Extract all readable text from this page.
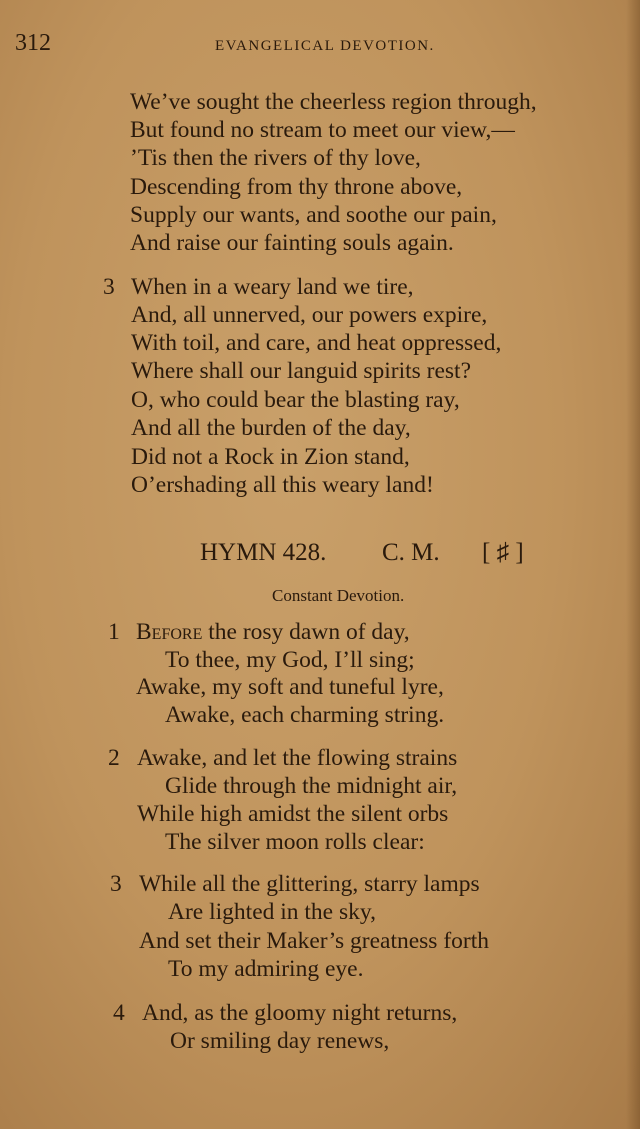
312	EVANGELICAL DEVOTION.
We’ve sought the cheerless region through,
But found no stream to meet our view,—
’Tis then the rivers of thy love,
Descending from thy throne above,
Supply our wants, and soothe our pain,
And raise our fainting souls again.
3 When in a weary land we tire,
And, all unnerved, our powers expire,
With toil, and care, and heat oppressed,
Where shall our languid spirits rest?
O, who could bear the blasting ray,
And all the burden of the day,
Did not a Rock in Zion stand,
O’ershading all this weary land!
HYMN 428. C. M. [ ♯ ]
Constant Devotion.
1 Before the rosy dawn of day,
To thee, my God, I’ll sing;
Awake, my soft and tuneful lyre,
Awake, each charming string.
2 Awake, and let the flowing strains
Glide through the midnight air,
While high amidst the silent orbs
The silver moon rolls clear:
3 While all the glittering, starry lamps
Are lighted in the sky,
And set their Maker’s greatness forth
To my admiring eye.
4 And, as the gloomy night returns,
Or smiling day renews,
